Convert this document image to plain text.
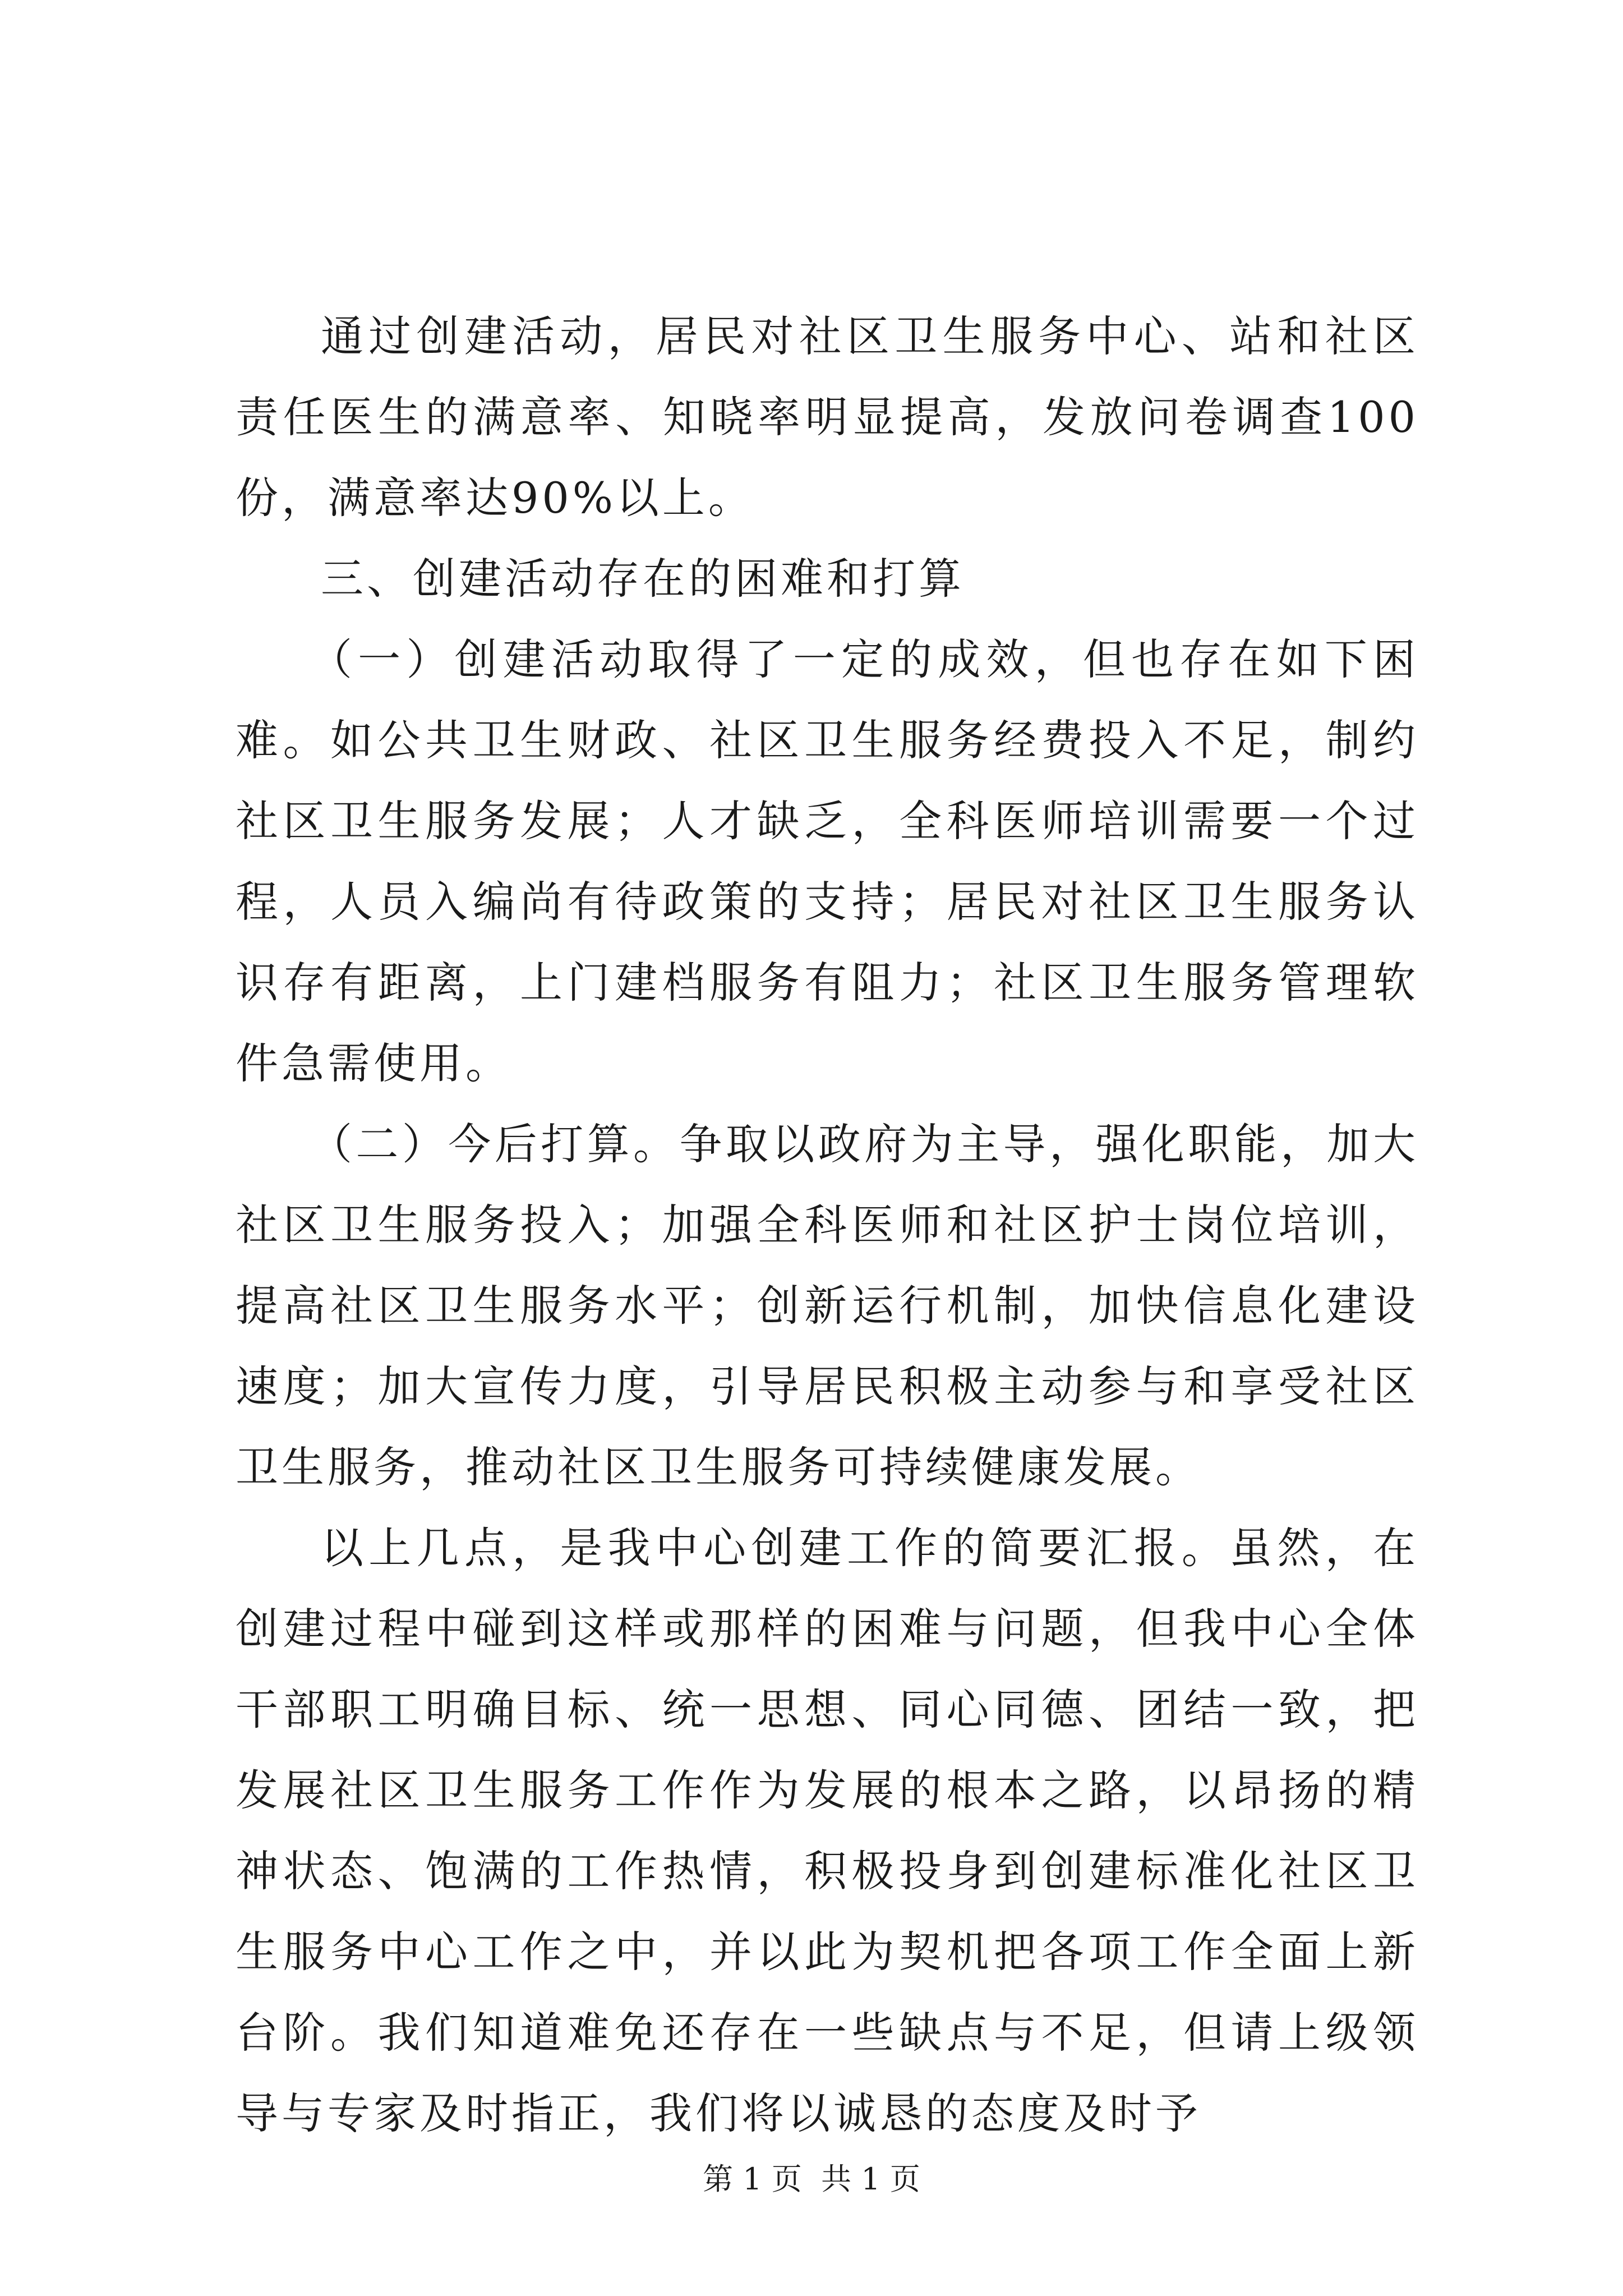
通过创建活动，居民对社区卫生服务中心、站和社区责任医生的满意率、知晓率明显提高，发放问卷调查100份，满意率达90%以上。

三、创建活动存在的困难和打算

（一）创建活动取得了一定的成效，但也存在如下困难。如公共卫生财政、社区卫生服务经费投入不足，制约社区卫生服务发展；人才缺乏，全科医师培训需要一个过程，人员入编尚有待政策的支持；居民对社区卫生服务认识存有距离，上门建档服务有阻力；社区卫生服务管理软件急需使用。

（二）今后打算。争取以政府为主导，强化职能，加大社区卫生服务投入；加强全科医师和社区护士岗位培训，提高社区卫生服务水平；创新运行机制，加快信息化建设速度；加大宣传力度，引导居民积极主动参与和享受社区卫生服务，推动社区卫生服务可持续健康发展。

以上几点，是我中心创建工作的简要汇报。虽然，在创建过程中碰到这样或那样的困难与问题，但我中心全体干部职工明确目标、统一思想、同心同德、团结一致，把发展社区卫生服务工作作为发展的根本之路，以昂扬的精神状态、饱满的工作热情，积极投身到创建标准化社区卫生服务中心工作之中，并以此为契机把各项工作全面上新台阶。我们知道难免还存在一些缺点与不足，但请上级领导与专家及时指正，我们将以诚恳的态度及时予

第 1 页  共 1 页
